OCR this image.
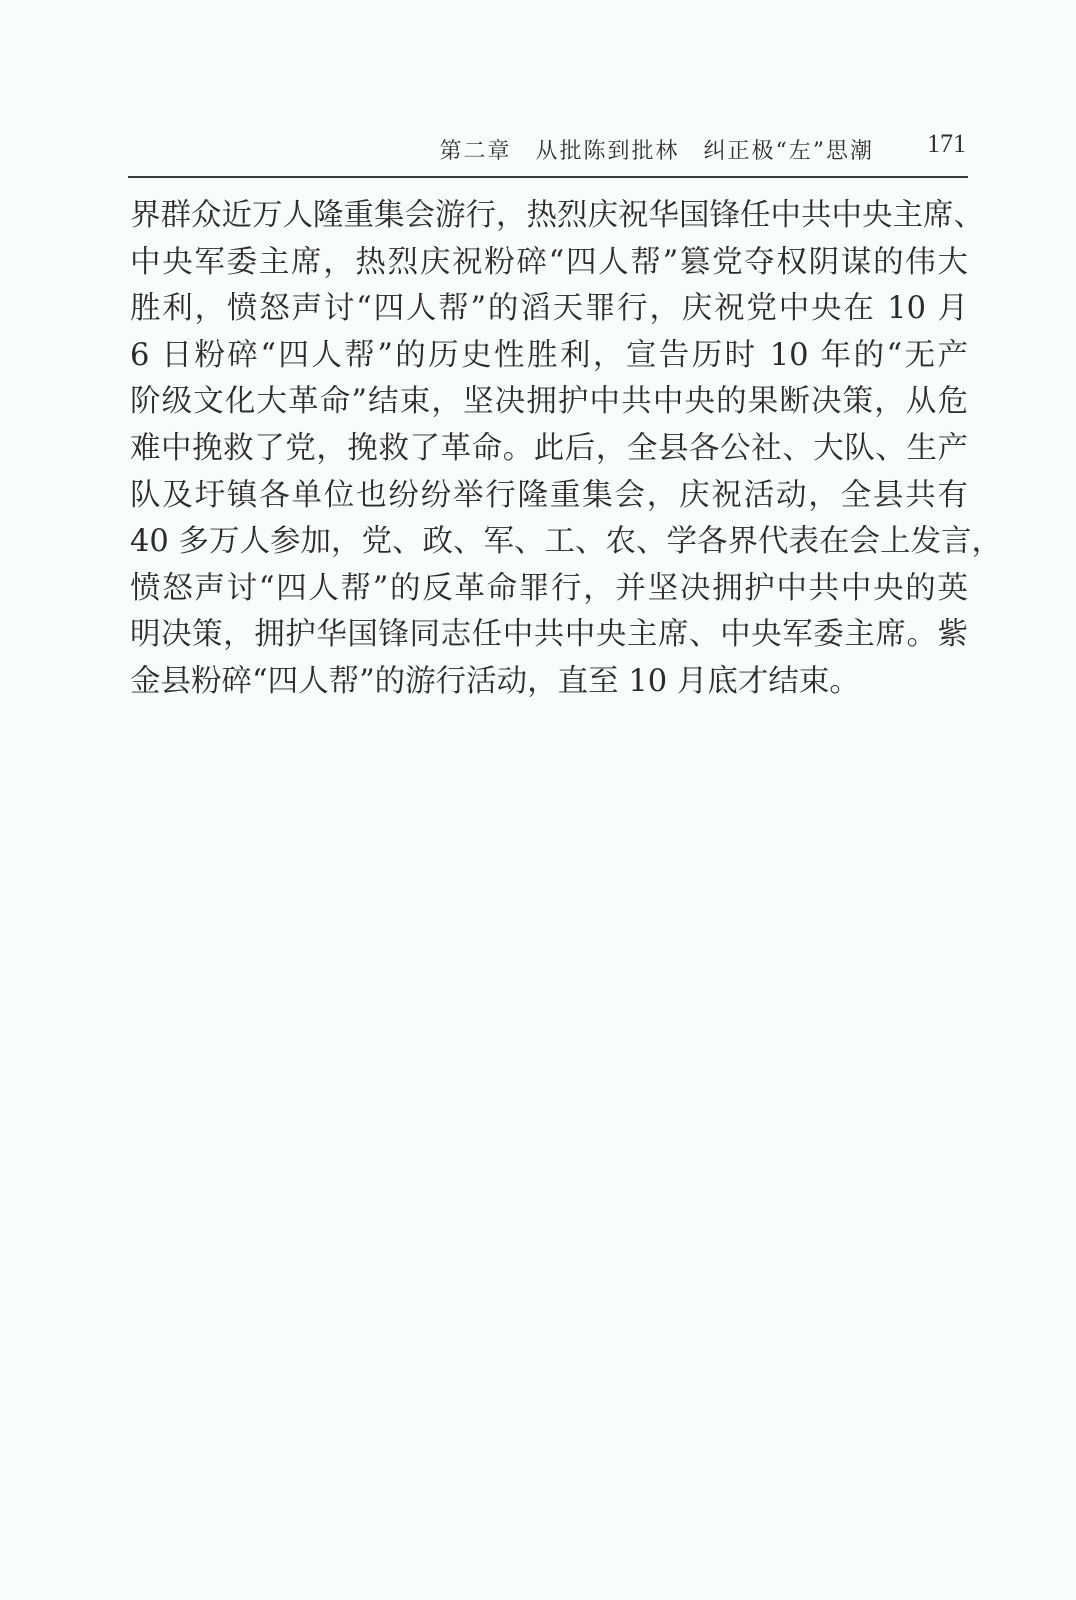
第二章　从批陈到批林　纠正极“左”思潮 171
界群众近万人隆重集会游行，热烈庆祝华国锋任中共中央主席、
中央军委主席，热烈庆祝粉碎“四人帮”篡党夺权阴谋的伟大
胜利，愤怒声讨“四人帮”的滔天罪行，庆祝党中央在 10 月
6 日粉碎“四人帮”的历史性胜利，宣告历时 10 年的“无产
阶级文化大革命”结束，坚决拥护中共中央的果断决策，从危
难中挽救了党，挽救了革命。此后，全县各公社、大队、生产
队及圩镇各单位也纷纷举行隆重集会，庆祝活动，全县共有
40 多万人参加，党、政、军、工、农、学各界代表在会上发言，
愤怒声讨“四人帮”的反革命罪行，并坚决拥护中共中央的英
明决策，拥护华国锋同志任中共中央主席、中央军委主席。紫
金县粉碎“四人帮”的游行活动，直至 10 月底才结束。
